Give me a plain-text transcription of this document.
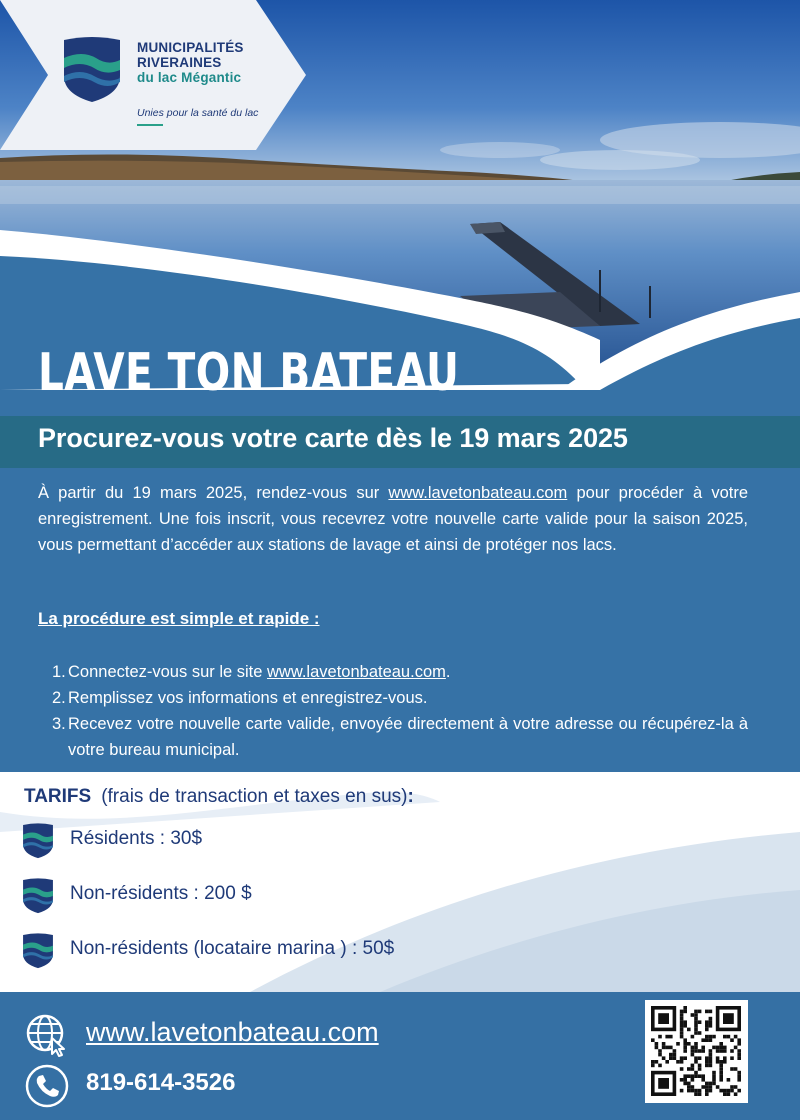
MUNICIPALITÉS
RIVERAINES
du lac Mégantic
Unies pour la santé du lac
LAVE TON BATEAU
Procurez-vous votre carte dès le 19 mars 2025
À partir du 19 mars 2025, rendez-vous sur www.lavetonbateau.com pour procéder à votre enregistrement. Une fois inscrit, vous recevrez votre nouvelle carte valide pour la saison 2025, vous permettant d’accéder aux stations de lavage et ainsi de protéger nos lacs.
La procédure est simple et rapide :
1. Connectez-vous sur le site www.lavetonbateau.com.
2. Remplissez vos informations et enregistrez-vous.
3. Recevez votre nouvelle carte valide, envoyée directement à votre adresse ou récupérez-la à votre bureau municipal.
TARIFS (frais de transaction et taxes en sus):
Résidents : 30$
Non-résidents : 200 $
Non-résidents (locataire marina ) : 50$
www.lavetonbateau.com
819-614-3526
